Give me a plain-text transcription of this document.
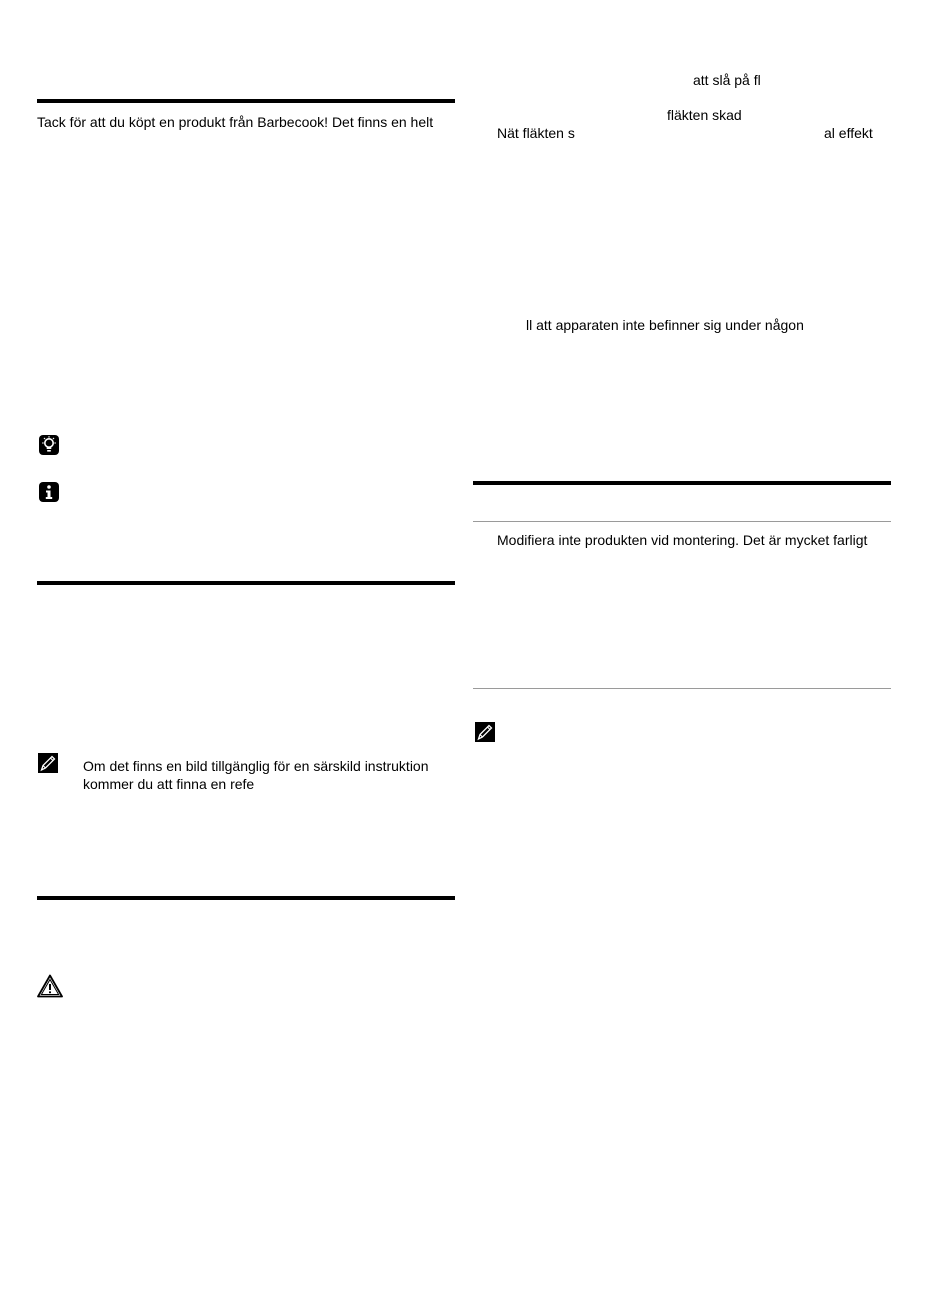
Tack för att du köpt en produkt från Barbecook! Det finns en helt
Om det finns en bild tillgänglig för en särskild instruktion
kommer du att finna en refe
att slå på fl
fläkten skad
Nät fläkten s	al effekt
ll att apparaten inte befinner sig under någon
Modifiera inte produkten vid montering. Det är mycket farligt
